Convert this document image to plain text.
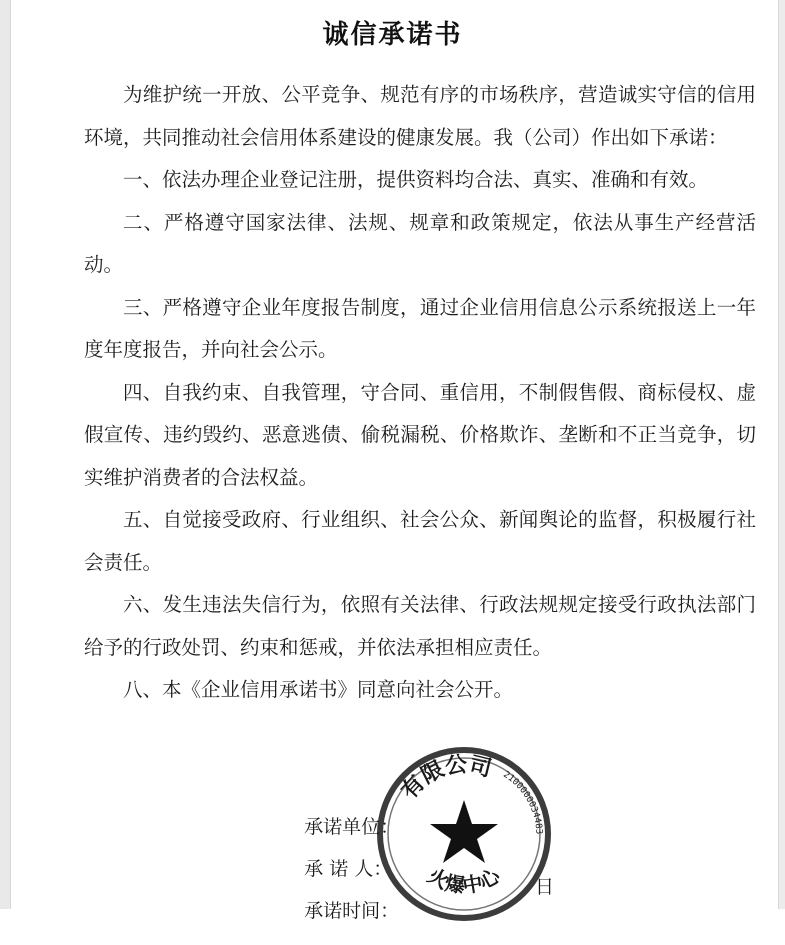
诚信承诺书

为维护统一开放、公平竞争、规范有序的市场秩序，营造诚实守信的信用环境，共同推动社会信用体系建设的健康发展。我（公司）作出如下承诺：

一、依法办理企业登记注册，提供资料均合法、真实、准确和有效。

二、严格遵守国家法律、法规、规章和政策规定，依法从事生产经营活动。

三、严格遵守企业年度报告制度，通过企业信用信息公示系统报送上一年度年度报告，并向社会公示。

四、自我约束、自我管理，守合同、重信用，不制假售假、商标侵权、虚假宣传、违约毁约、恶意逃债、偷税漏税、价格欺诈、垄断和不正当竞争，切实维护消费者的合法权益。

五、自觉接受政府、行业组织、社会公众、新闻舆论的监督，积极履行社会责任。

六、发生违法失信行为，依照有关法律、行政法规规定接受行政执法部门给予的行政处罚、约束和惩戒，并依法承担相应责任。

八、本《企业信用承诺书》同意向社会公开。

承诺单位：

承 诺 人：

承诺时间：

日
有限公司 2100000034483
火爆中心
